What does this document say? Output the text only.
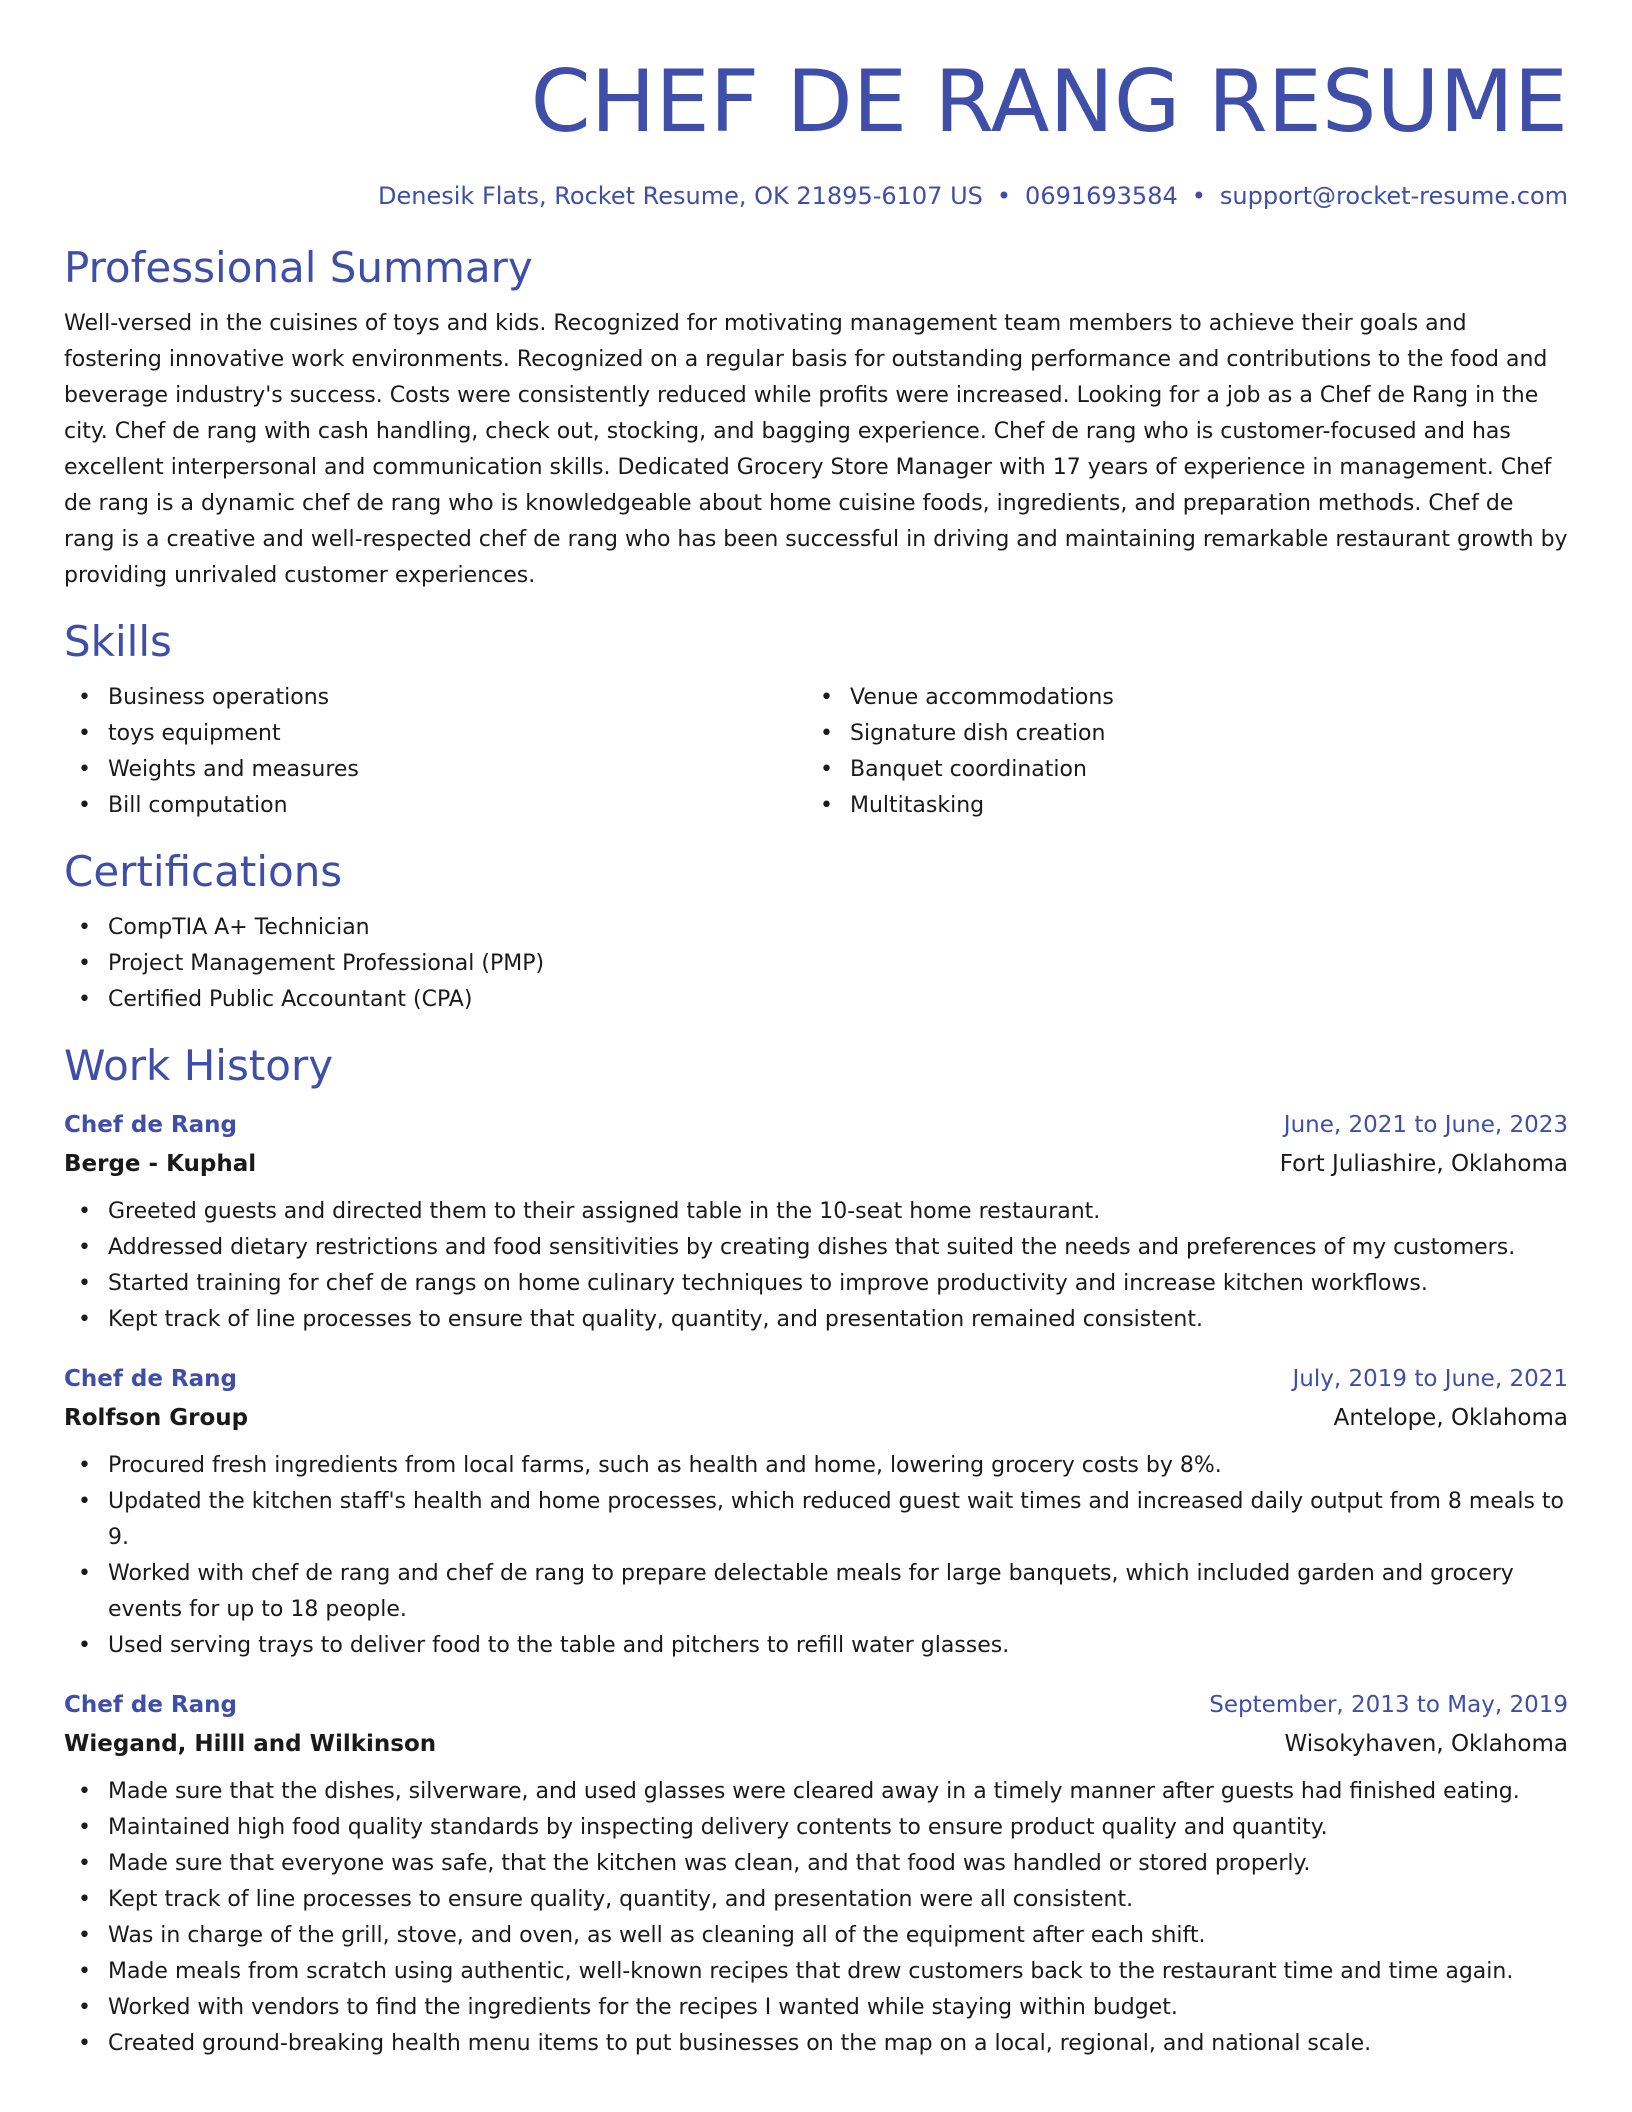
CHEF DE RANG RESUME
Denesik Flats, Rocket Resume, OK 21895-6107 US • 0691693584 • support@rocket-resume.com
Professional Summary

Well-versed in the cuisines of toys and kids. Recognized for motivating management team members to achieve their goals and fostering innovative work environments. Recognized on a regular basis for outstanding performance and contributions to the food and beverage industry's success. Costs were consistently reduced while profits were increased. Looking for a job as a Chef de Rang in the city. Chef de rang with cash handling, check out, stocking, and bagging experience. Chef de rang who is customer-focused and has excellent interpersonal and communication skills. Dedicated Grocery Store Manager with 17 years of experience in management. Chef de rang is a dynamic chef de rang who is knowledgeable about home cuisine foods, ingredients, and preparation methods. Chef de rang is a creative and well-respected chef de rang who has been successful in driving and maintaining remarkable restaurant growth by providing unrivaled customer experiences.

Skills
• Business operations
• toys equipment
• Weights and measures
• Bill computation
• Venue accommodations
• Signature dish creation
• Banquet coordination
• Multitasking
Certifications
• CompTIA A+ Technician
• Project Management Professional (PMP)
• Certified Public Accountant (CPA)
Work History
Chef de Rang	June, 2021 to June, 2023
Berge - Kuphal	Fort Juliashire, Oklahoma
• Greeted guests and directed them to their assigned table in the 10-seat home restaurant.
• Addressed dietary restrictions and food sensitivities by creating dishes that suited the needs and preferences of my customers.
• Started training for chef de rangs on home culinary techniques to improve productivity and increase kitchen workflows.
• Kept track of line processes to ensure that quality, quantity, and presentation remained consistent.
Chef de Rang	July, 2019 to June, 2021
Rolfson Group	Antelope, Oklahoma
• Procured fresh ingredients from local farms, such as health and home, lowering grocery costs by 8%.
• Updated the kitchen staff's health and home processes, which reduced guest wait times and increased daily output from 8 meals to 9.
• Worked with chef de rang and chef de rang to prepare delectable meals for large banquets, which included garden and grocery events for up to 18 people.
• Used serving trays to deliver food to the table and pitchers to refill water glasses.
Chef de Rang	September, 2013 to May, 2019
Wiegand, Hilll and Wilkinson	Wisokyhaven, Oklahoma
• Made sure that the dishes, silverware, and used glasses were cleared away in a timely manner after guests had finished eating.
• Maintained high food quality standards by inspecting delivery contents to ensure product quality and quantity.
• Made sure that everyone was safe, that the kitchen was clean, and that food was handled or stored properly.
• Kept track of line processes to ensure quality, quantity, and presentation were all consistent.
• Was in charge of the grill, stove, and oven, as well as cleaning all of the equipment after each shift.
• Made meals from scratch using authentic, well-known recipes that drew customers back to the restaurant time and time again.
• Worked with vendors to find the ingredients for the recipes I wanted while staying within budget.
• Created ground-breaking health menu items to put businesses on the map on a local, regional, and national scale.
